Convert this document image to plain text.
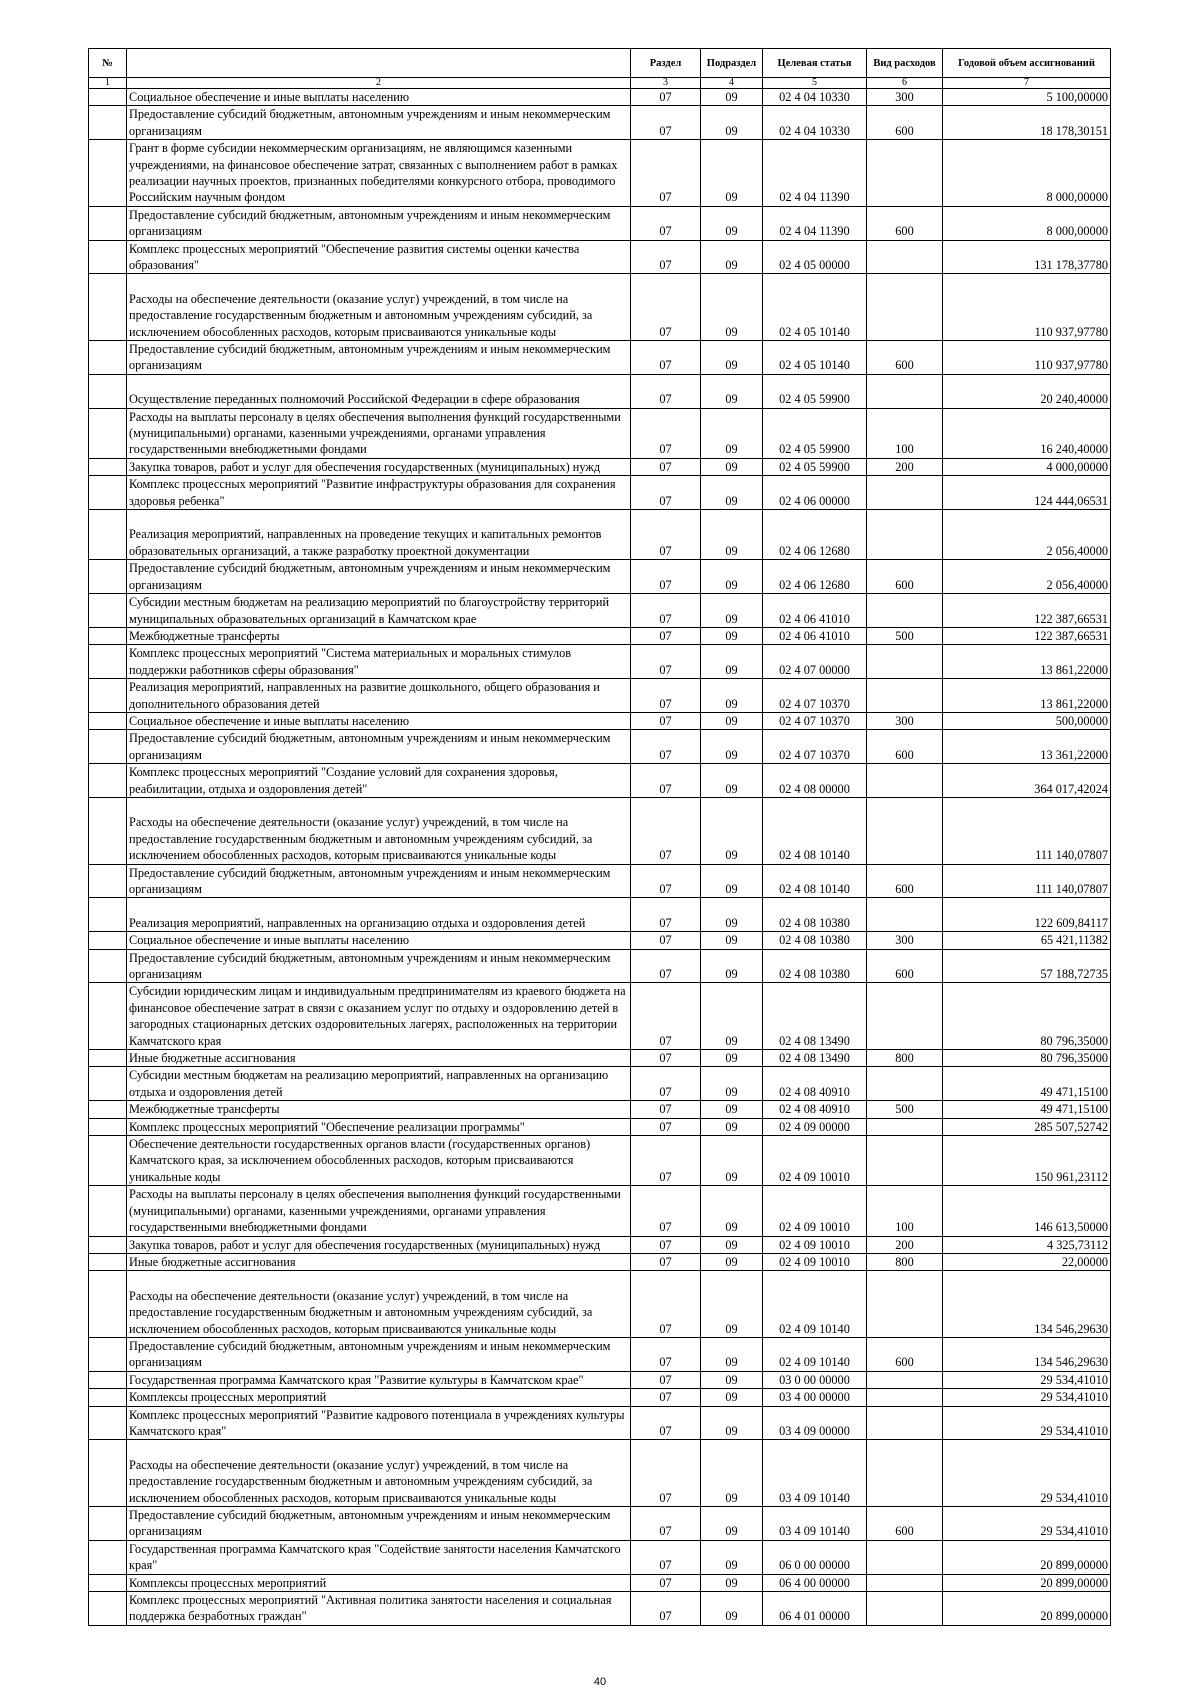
№		Раздел	Подраздел	Целевая статья	Вид расходов	Годовой объем ассигнований
1	2	3	4	5	6	7
	Социальное обеспечение и иные выплаты населению	07	09	02 4 04 10330	300	5 100,00000
	Предоставление субсидий бюджетным, автономным учреждениям и иным некоммерческим организациям	07	09	02 4 04 10330	600	18 178,30151
	Грант в форме субсидии некоммерческим организациям, не являющимся казенными учреждениями, на финансовое обеспечение затрат, связанных с выполнением работ в рамках реализации научных проектов, признанных победителями конкурсного отбора, проводимого Российским научным фондом	07	09	02 4 04 11390		8 000,00000
	Предоставление субсидий бюджетным, автономным учреждениям и иным некоммерческим организациям	07	09	02 4 04 11390	600	8 000,00000
	Комплекс процессных мероприятий "Обеспечение развития системы оценки качества образования"	07	09	02 4 05 00000		131 178,37780
	Расходы на обеспечение деятельности (оказание услуг) учреждений, в том числе на предоставление государственным бюджетным и автономным учреждениям субсидий, за исключением обособленных расходов, которым присваиваются уникальные коды	07	09	02 4 05 10140		110 937,97780
	Предоставление субсидий бюджетным, автономным учреждениям и иным некоммерческим организациям	07	09	02 4 05 10140	600	110 937,97780
	Осуществление переданных полномочий Российской Федерации в сфере образования	07	09	02 4 05 59900		20 240,40000
	Расходы на выплаты персоналу в целях обеспечения выполнения функций государственными (муниципальными) органами, казенными учреждениями, органами управления государственными внебюджетными фондами	07	09	02 4 05 59900	100	16 240,40000
	Закупка товаров, работ и услуг для обеспечения государственных (муниципальных) нужд	07	09	02 4 05 59900	200	4 000,00000
	Комплекс процессных мероприятий "Развитие инфраструктуры образования для сохранения здоровья ребенка"	07	09	02 4 06 00000		124 444,06531
	Реализация мероприятий, направленных на проведение текущих и капитальных ремонтов образовательных организаций, а также разработку проектной документации	07	09	02 4 06 12680		2 056,40000
	Предоставление субсидий бюджетным, автономным учреждениям и иным некоммерческим организациям	07	09	02 4 06 12680	600	2 056,40000
	Субсидии местным бюджетам на реализацию мероприятий по благоустройству территорий муниципальных образовательных организаций в Камчатском крае	07	09	02 4 06 41010		122 387,66531
	Межбюджетные трансферты	07	09	02 4 06 41010	500	122 387,66531
	Комплекс процессных мероприятий "Система материальных и моральных стимулов поддержки работников сферы образования"	07	09	02 4 07 00000		13 861,22000
	Реализация мероприятий, направленных на развитие дошкольного, общего образования и дополнительного образования детей	07	09	02 4 07 10370		13 861,22000
	Социальное обеспечение и иные выплаты населению	07	09	02 4 07 10370	300	500,00000
	Предоставление субсидий бюджетным, автономным учреждениям и иным некоммерческим организациям	07	09	02 4 07 10370	600	13 361,22000
	Комплекс процессных мероприятий "Создание условий для сохранения здоровья, реабилитации, отдыха и оздоровления детей"	07	09	02 4 08 00000		364 017,42024
	Расходы на обеспечение деятельности (оказание услуг) учреждений, в том числе на предоставление государственным бюджетным и автономным учреждениям субсидий, за исключением обособленных расходов, которым присваиваются уникальные коды	07	09	02 4 08 10140		111 140,07807
	Предоставление субсидий бюджетным, автономным учреждениям и иным некоммерческим организациям	07	09	02 4 08 10140	600	111 140,07807
	Реализация мероприятий, направленных на организацию отдыха и оздоровления детей	07	09	02 4 08 10380		122 609,84117
	Социальное обеспечение и иные выплаты населению	07	09	02 4 08 10380	300	65 421,11382
	Предоставление субсидий бюджетным, автономным учреждениям и иным некоммерческим организациям	07	09	02 4 08 10380	600	57 188,72735
	Субсидии юридическим лицам и индивидуальным предпринимателям из краевого бюджета на финансовое обеспечение затрат в связи с оказанием услуг по отдыху и оздоровлению детей в загородных стационарных детских оздоровительных лагерях, расположенных на территории Камчатского края	07	09	02 4 08 13490		80 796,35000
	Иные бюджетные ассигнования	07	09	02 4 08 13490	800	80 796,35000
	Субсидии местным бюджетам на реализацию мероприятий, направленных на организацию отдыха и оздоровления детей	07	09	02 4 08 40910		49 471,15100
	Межбюджетные трансферты	07	09	02 4 08 40910	500	49 471,15100
	Комплекс процессных мероприятий "Обеспечение реализации программы"	07	09	02 4 09 00000		285 507,52742
	Обеспечение деятельности государственных органов власти (государственных органов) Камчатского края, за исключением обособленных расходов, которым присваиваются уникальные коды	07	09	02 4 09 10010		150 961,23112
	Расходы на выплаты персоналу в целях обеспечения выполнения функций государственными (муниципальными) органами, казенными учреждениями, органами управления государственными внебюджетными фондами	07	09	02 4 09 10010	100	146 613,50000
	Закупка товаров, работ и услуг для обеспечения государственных (муниципальных) нужд	07	09	02 4 09 10010	200	4 325,73112
	Иные бюджетные ассигнования	07	09	02 4 09 10010	800	22,00000
	Расходы на обеспечение деятельности (оказание услуг) учреждений, в том числе на предоставление государственным бюджетным и автономным учреждениям субсидий, за исключением обособленных расходов, которым присваиваются уникальные коды	07	09	02 4 09 10140		134 546,29630
	Предоставление субсидий бюджетным, автономным учреждениям и иным некоммерческим организациям	07	09	02 4 09 10140	600	134 546,29630
	Государственная программа Камчатского края "Развитие культуры в Камчатском крае"	07	09	03 0 00 00000		29 534,41010
	Комплексы процессных мероприятий	07	09	03 4 00 00000		29 534,41010
	Комплекс процессных мероприятий "Развитие кадрового потенциала в учреждениях культуры Камчатского края"	07	09	03 4 09 00000		29 534,41010
	Расходы на обеспечение деятельности (оказание услуг) учреждений, в том числе на предоставление государственным бюджетным и автономным учреждениям субсидий, за исключением обособленных расходов, которым присваиваются уникальные коды	07	09	03 4 09 10140		29 534,41010
	Предоставление субсидий бюджетным, автономным учреждениям и иным некоммерческим организациям	07	09	03 4 09 10140	600	29 534,41010
	Государственная программа Камчатского края "Содействие занятости населения Камчатского края"	07	09	06 0 00 00000		20 899,00000
	Комплексы процессных мероприятий	07	09	06 4 00 00000		20 899,00000
	Комплекс процессных мероприятий "Активная политика занятости населения и социальная поддержка безработных граждан"	07	09	06 4 01 00000		20 899,00000
40
